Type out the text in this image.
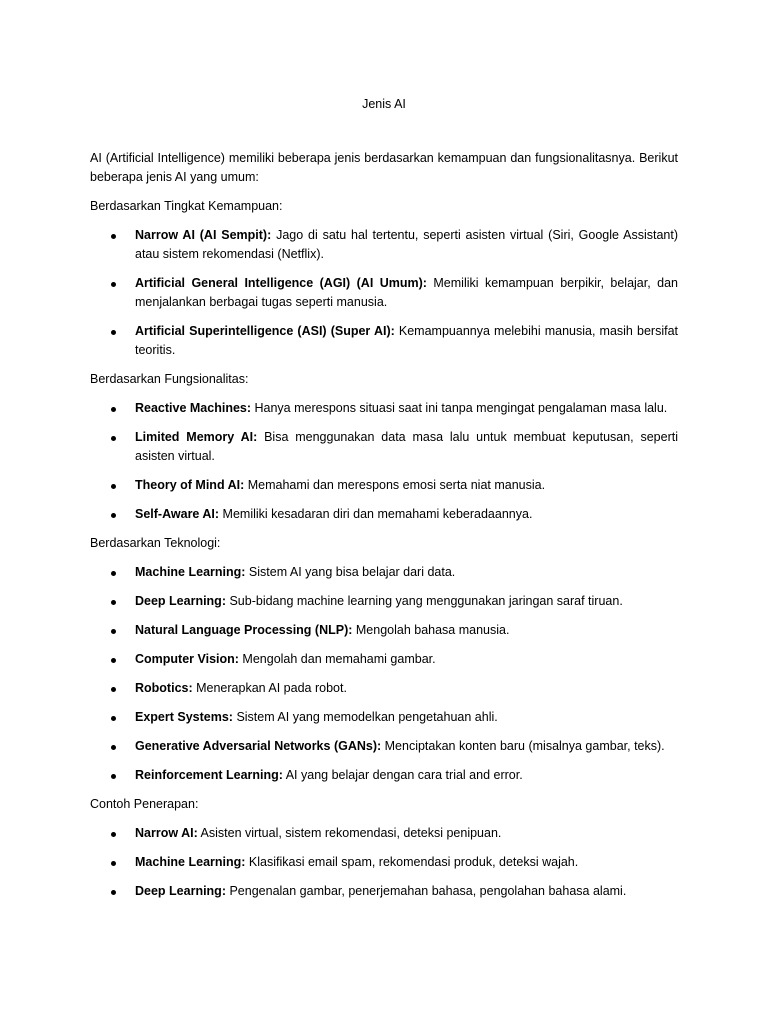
Jenis AI

AI (Artificial Intelligence) memiliki beberapa jenis berdasarkan kemampuan dan fungsionalitasnya. Berikut beberapa jenis AI yang umum:

Berdasarkan Tingkat Kemampuan:

Narrow AI (AI Sempit): Jago di satu hal tertentu, seperti asisten virtual (Siri, Google Assistant) atau sistem rekomendasi (Netflix).
Artificial General Intelligence (AGI) (AI Umum): Memiliki kemampuan berpikir, belajar, dan menjalankan berbagai tugas seperti manusia.
Artificial Superintelligence (ASI) (Super AI): Kemampuannya melebihi manusia, masih bersifat teoritis.

Berdasarkan Fungsionalitas:

Reactive Machines: Hanya merespons situasi saat ini tanpa mengingat pengalaman masa lalu.
Limited Memory AI: Bisa menggunakan data masa lalu untuk membuat keputusan, seperti asisten virtual.
Theory of Mind AI: Memahami dan merespons emosi serta niat manusia.
Self-Aware AI: Memiliki kesadaran diri dan memahami keberadaannya.

Berdasarkan Teknologi:

Machine Learning: Sistem AI yang bisa belajar dari data.
Deep Learning: Sub-bidang machine learning yang menggunakan jaringan saraf tiruan.
Natural Language Processing (NLP): Mengolah bahasa manusia.
Computer Vision: Mengolah dan memahami gambar.
Robotics: Menerapkan AI pada robot.
Expert Systems: Sistem AI yang memodelkan pengetahuan ahli.
Generative Adversarial Networks (GANs): Menciptakan konten baru (misalnya gambar, teks).
Reinforcement Learning: AI yang belajar dengan cara trial and error.

Contoh Penerapan:

Narrow AI: Asisten virtual, sistem rekomendasi, deteksi penipuan.
Machine Learning: Klasifikasi email spam, rekomendasi produk, deteksi wajah.
Deep Learning: Pengenalan gambar, penerjemahan bahasa, pengolahan bahasa alami.
